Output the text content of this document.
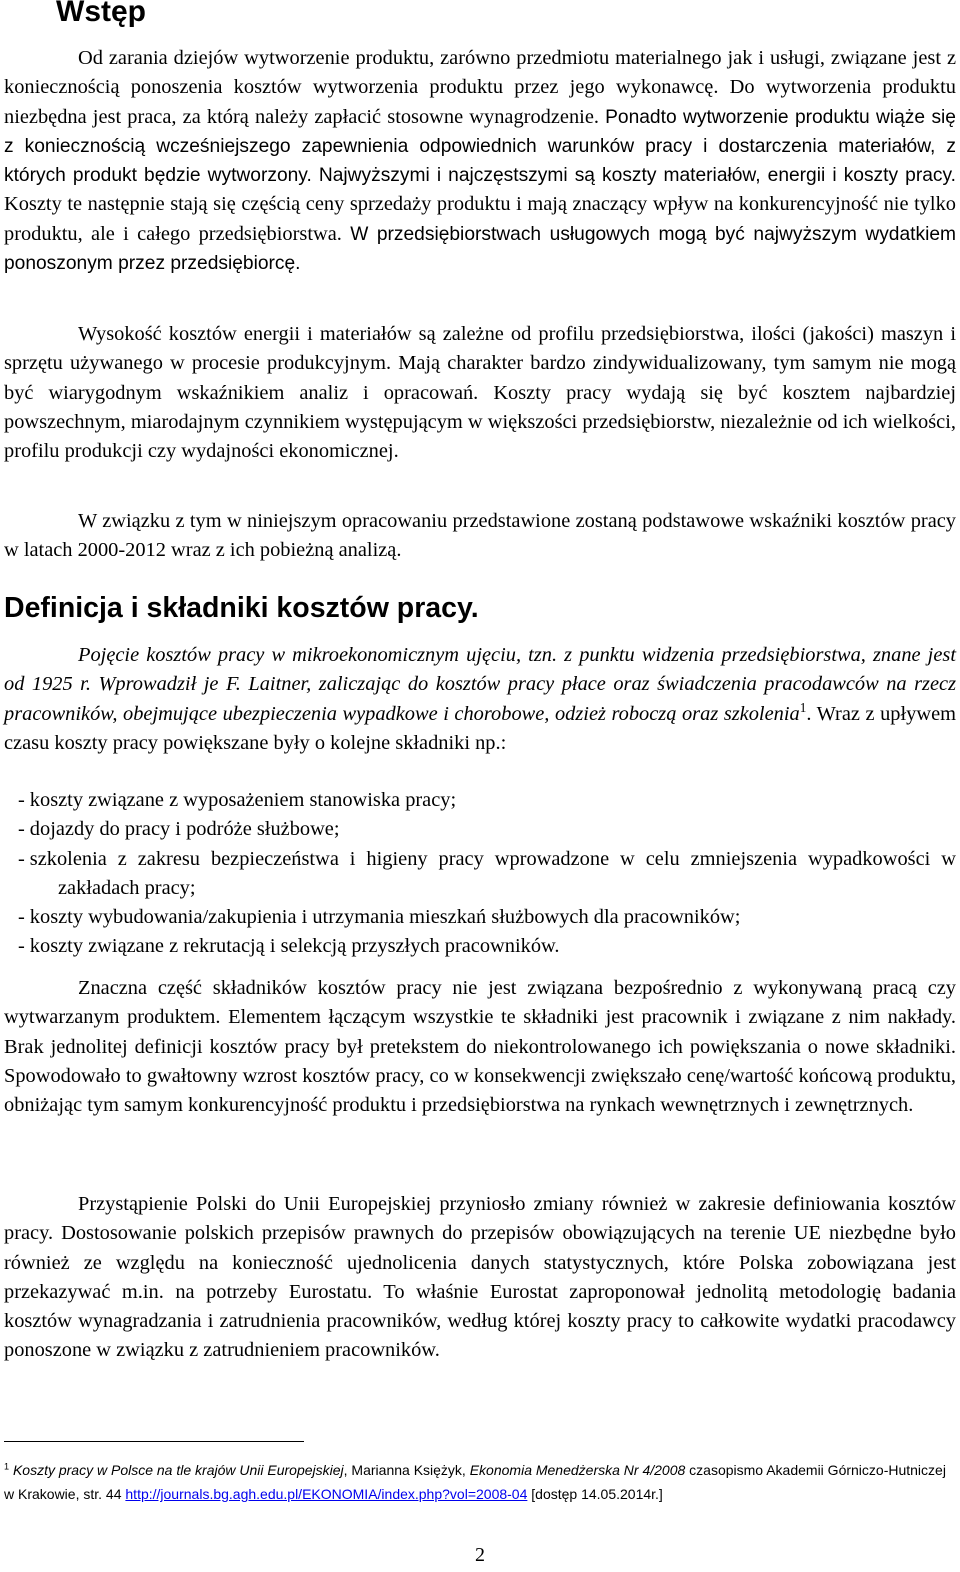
Wstęp

Od zarania dziejów wytworzenie produktu, zarówno przedmiotu materialnego jak i usługi, związane jest z koniecznością ponoszenia kosztów wytworzenia produktu przez jego wykonawcę. Do wytworzenia produktu niezbędna jest praca, za którą należy zapłacić stosowne wynagrodzenie. Ponadto wytworzenie produktu wiąże się z koniecznością wcześniejszego zapewnienia odpowiednich warunków pracy i dostarczenia materiałów, z których produkt będzie wytworzony. Najwyższymi i najczęstszymi są koszty materiałów, energii i koszty pracy. Koszty te następnie stają się częścią ceny sprzedaży produktu i mają znaczący wpływ na konkurencyjność nie tylko produktu, ale i całego przedsiębiorstwa. W przedsiębiorstwach usługowych mogą być najwyższym wydatkiem ponoszonym przez przedsiębiorcę.

Wysokość kosztów energii i materiałów są zależne od profilu przedsiębiorstwa, ilości (jakości) maszyn i sprzętu używanego w procesie produkcyjnym. Mają charakter bardzo zindywidualizowany, tym samym nie mogą być wiarygodnym wskaźnikiem analiz i opracowań. Koszty pracy wydają się być kosztem najbardziej powszechnym, miarodajnym czynnikiem występującym w większości przedsiębiorstw, niezależnie od ich wielkości, profilu produkcji czy wydajności ekonomicznej.

W związku z tym w niniejszym opracowaniu przedstawione zostaną podstawowe wskaźniki kosztów pracy w latach 2000-2012 wraz z ich pobieżną analizą.

Definicja i składniki kosztów pracy.

Pojęcie kosztów pracy w mikroekonomicznym ujęciu, tzn. z punktu widzenia przedsiębiorstwa, znane jest od 1925 r. Wprowadził je F. Laitner, zaliczając do kosztów pracy płace oraz świadczenia pracodawców na rzecz pracowników, obejmujące ubezpieczenia wypadkowe i chorobowe, odzież roboczą oraz szkolenia$^1$. Wraz z upływem czasu koszty pracy powiększane były o kolejne składniki np.:

- koszty związane z wyposażeniem stanowiska pracy;
- dojazdy do pracy i podróże służbowe;
- szkolenia z zakresu bezpieczeństwa i higieny pracy wprowadzone w celu zmniejszenia wypadkowości w zakładach pracy;
- koszty wybudowania/zakupienia i utrzymania mieszkań służbowych dla pracowników;
- koszty związane z rekrutacją i selekcją przyszłych pracowników.

Znaczna część składników kosztów pracy nie jest związana bezpośrednio z wykonywaną pracą czy wytwarzanym produktem. Elementem łączącym wszystkie te składniki jest pracownik i związane z nim nakłady. Brak jednolitej definicji kosztów pracy był pretekstem do niekontrolowanego ich powiększania o nowe składniki. Spowodowało to gwałtowny wzrost kosztów pracy, co w konsekwencji zwiększało cenę/wartość końcową produktu, obniżając tym samym konkurencyjność produktu i przedsiębiorstwa na rynkach wewnętrznych i zewnętrznych.

Przystąpienie Polski do Unii Europejskiej przyniosło zmiany również w zakresie definiowania kosztów pracy. Dostosowanie polskich przepisów prawnych do przepisów obowiązujących na terenie UE niezbędne było również ze względu na konieczność ujednolicenia danych statystycznych, które Polska zobowiązana jest przekazywać m.in. na potrzeby Eurostatu. To właśnie Eurostat zaproponował jednolitą metodologię badania kosztów wynagradzania i zatrudnienia pracowników, według której koszty pracy to całkowite wydatki pracodawcy ponoszone w związku z zatrudnieniem pracowników.

$^1$ Koszty pracy w Polsce na tle krajów Unii Europejskiej, Marianna Księżyk, Ekonomia Menedżerska Nr 4/2008 czasopismo Akademii Górniczo-Hutniczej w Krakowie, str. 44 http://journals.bg.agh.edu.pl/EKONOMIA/index.php?vol=2008-04 [dostęp 14.05.2014r.]
2
